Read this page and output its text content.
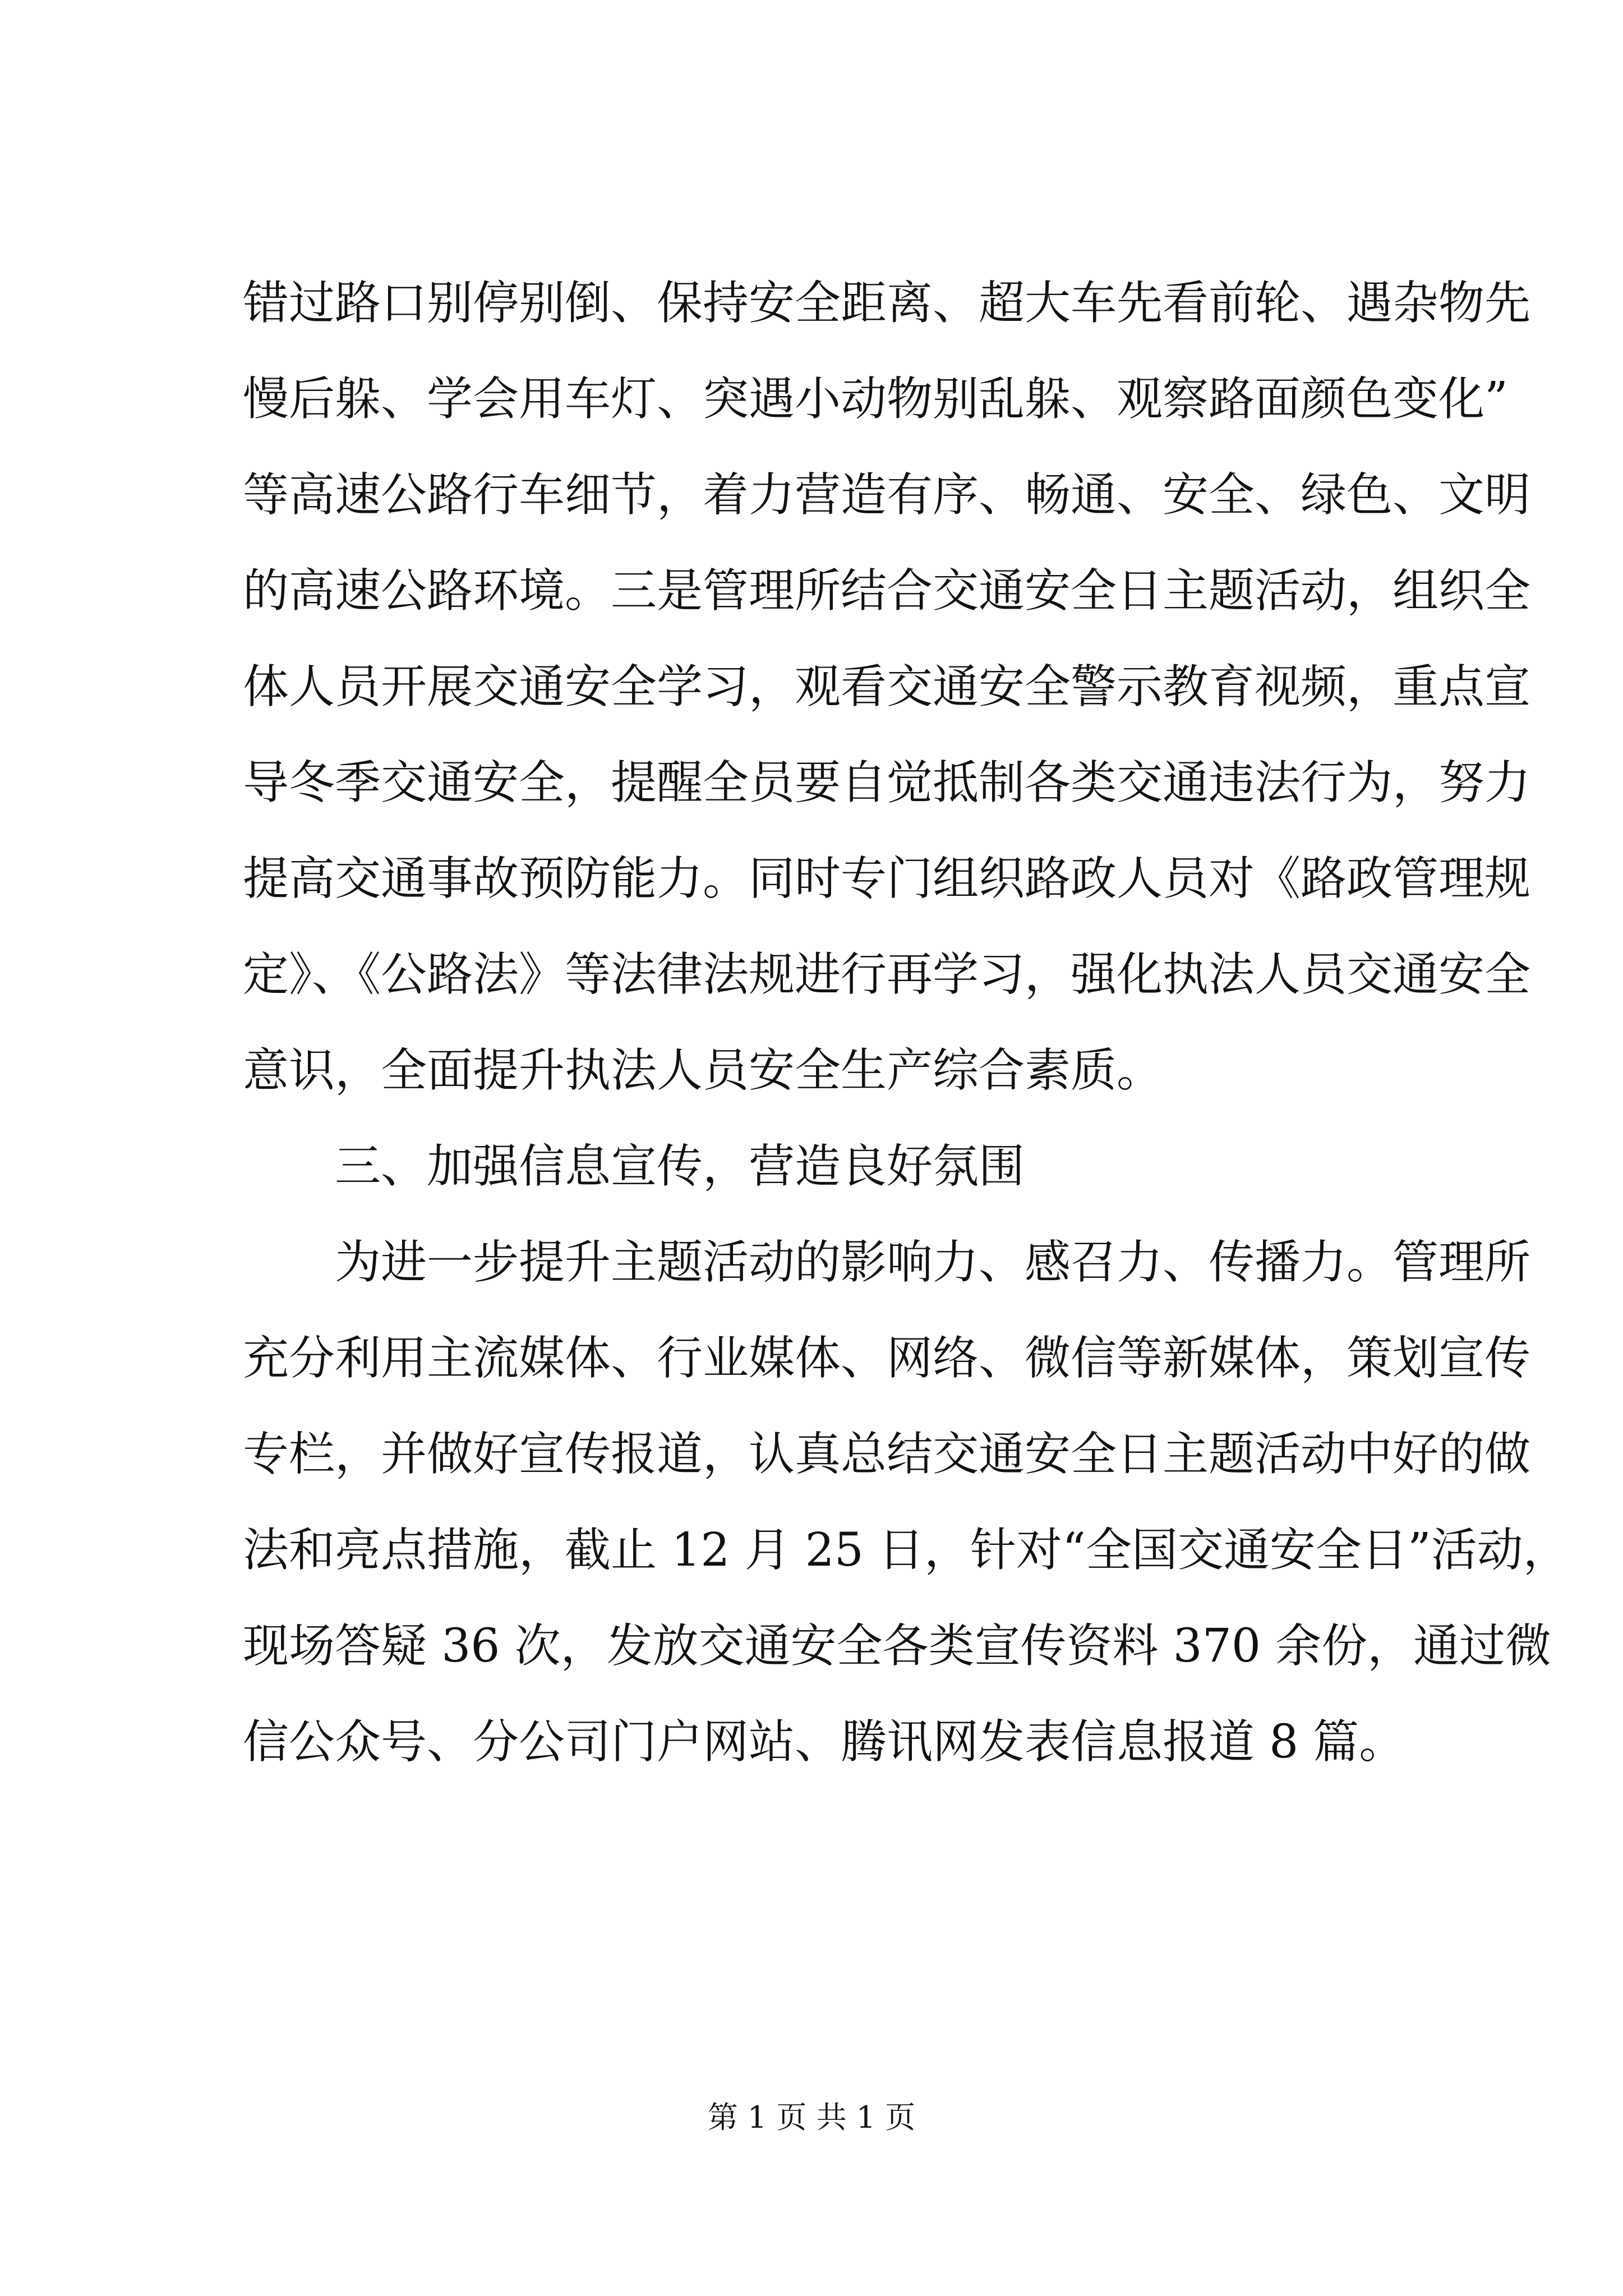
错过路口别停别倒、保持安全距离、超大车先看前轮、遇杂物先
慢后躲、学会用车灯、突遇小动物别乱躲、观察路面颜色变化”
等高速公路行车细节，着力营造有序、畅通、安全、绿色、文明
的高速公路环境。三是管理所结合交通安全日主题活动，组织全
体人员开展交通安全学习，观看交通安全警示教育视频，重点宣
导冬季交通安全，提醒全员要自觉抵制各类交通违法行为，努力
提高交通事故预防能力。同时专门组织路政人员对《路政管理规
定》、《公路法》等法律法规进行再学习，强化执法人员交通安全
意识，全面提升执法人员安全生产综合素质。
三、加强信息宣传，营造良好氛围
为进一步提升主题活动的影响力、感召力、传播力。管理所
充分利用主流媒体、行业媒体、网络、微信等新媒体，策划宣传
专栏，并做好宣传报道，认真总结交通安全日主题活动中好的做
法和亮点措施，截止 12 月 25 日，针对“全国交通安全日”活动，
现场答疑 36 次，发放交通安全各类宣传资料 370 余份，通过微
信公众号、分公司门户网站、腾讯网发表信息报道 8 篇。
第 1 页 共 1 页
